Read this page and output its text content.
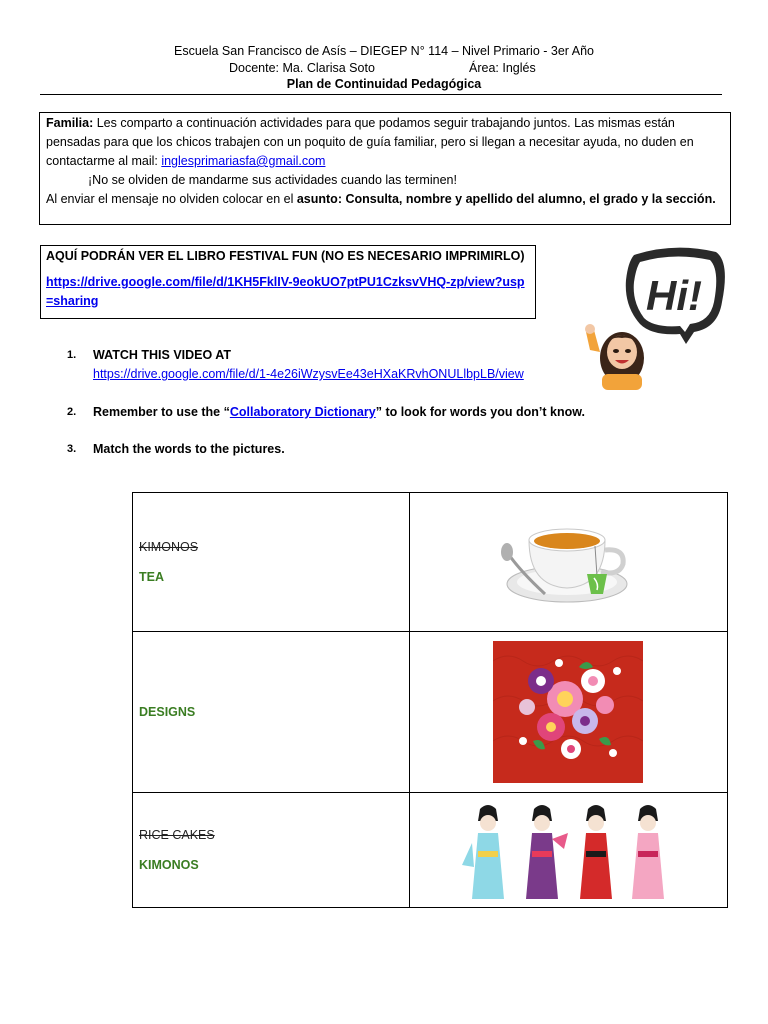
Escuela San Francisco de Asís – DIEGEP N° 114 – Nivel Primario - 3er Año
Docente: Ma. Clarisa Soto	Área: Inglés
Plan de Continuidad Pedagógica

Familia: Les comparto a continuación actividades para que podamos seguir trabajando juntos. Las mismas están pensadas para que los chicos trabajen con un poquito de guía familiar, pero si llegan a necesitar ayuda, no duden en contactarme al mail: inglesprimariasfa@gmail.com

¡No se olviden de mandarme sus actividades cuando las terminen!

Al enviar el mensaje no olviden colocar en el asunto: Consulta, nombre y apellido del alumno, el grado y la sección.

AQUÍ PODRÁN VER EL LIBRO FESTIVAL FUN (NO ES NECESARIO IMPRIMIRLO)
https://drive.google.com/file/d/1KH5FklIV-9eokUO7ptPU1CzksvVHQ-zp/view?usp=sharing	Hi!
1. WATCH THIS VIDEO AT
https://drive.google.com/file/d/1-4e26iWzysvEe43eHXaKRvhONULlbpLB/view
2. Remember to use the “Collaboratory Dictionary” to look for words you don’t know.
3. Match the words to the pictures.
KIMONOS
TEA

DESIGNS

RICE CAKES
KIMONOS
